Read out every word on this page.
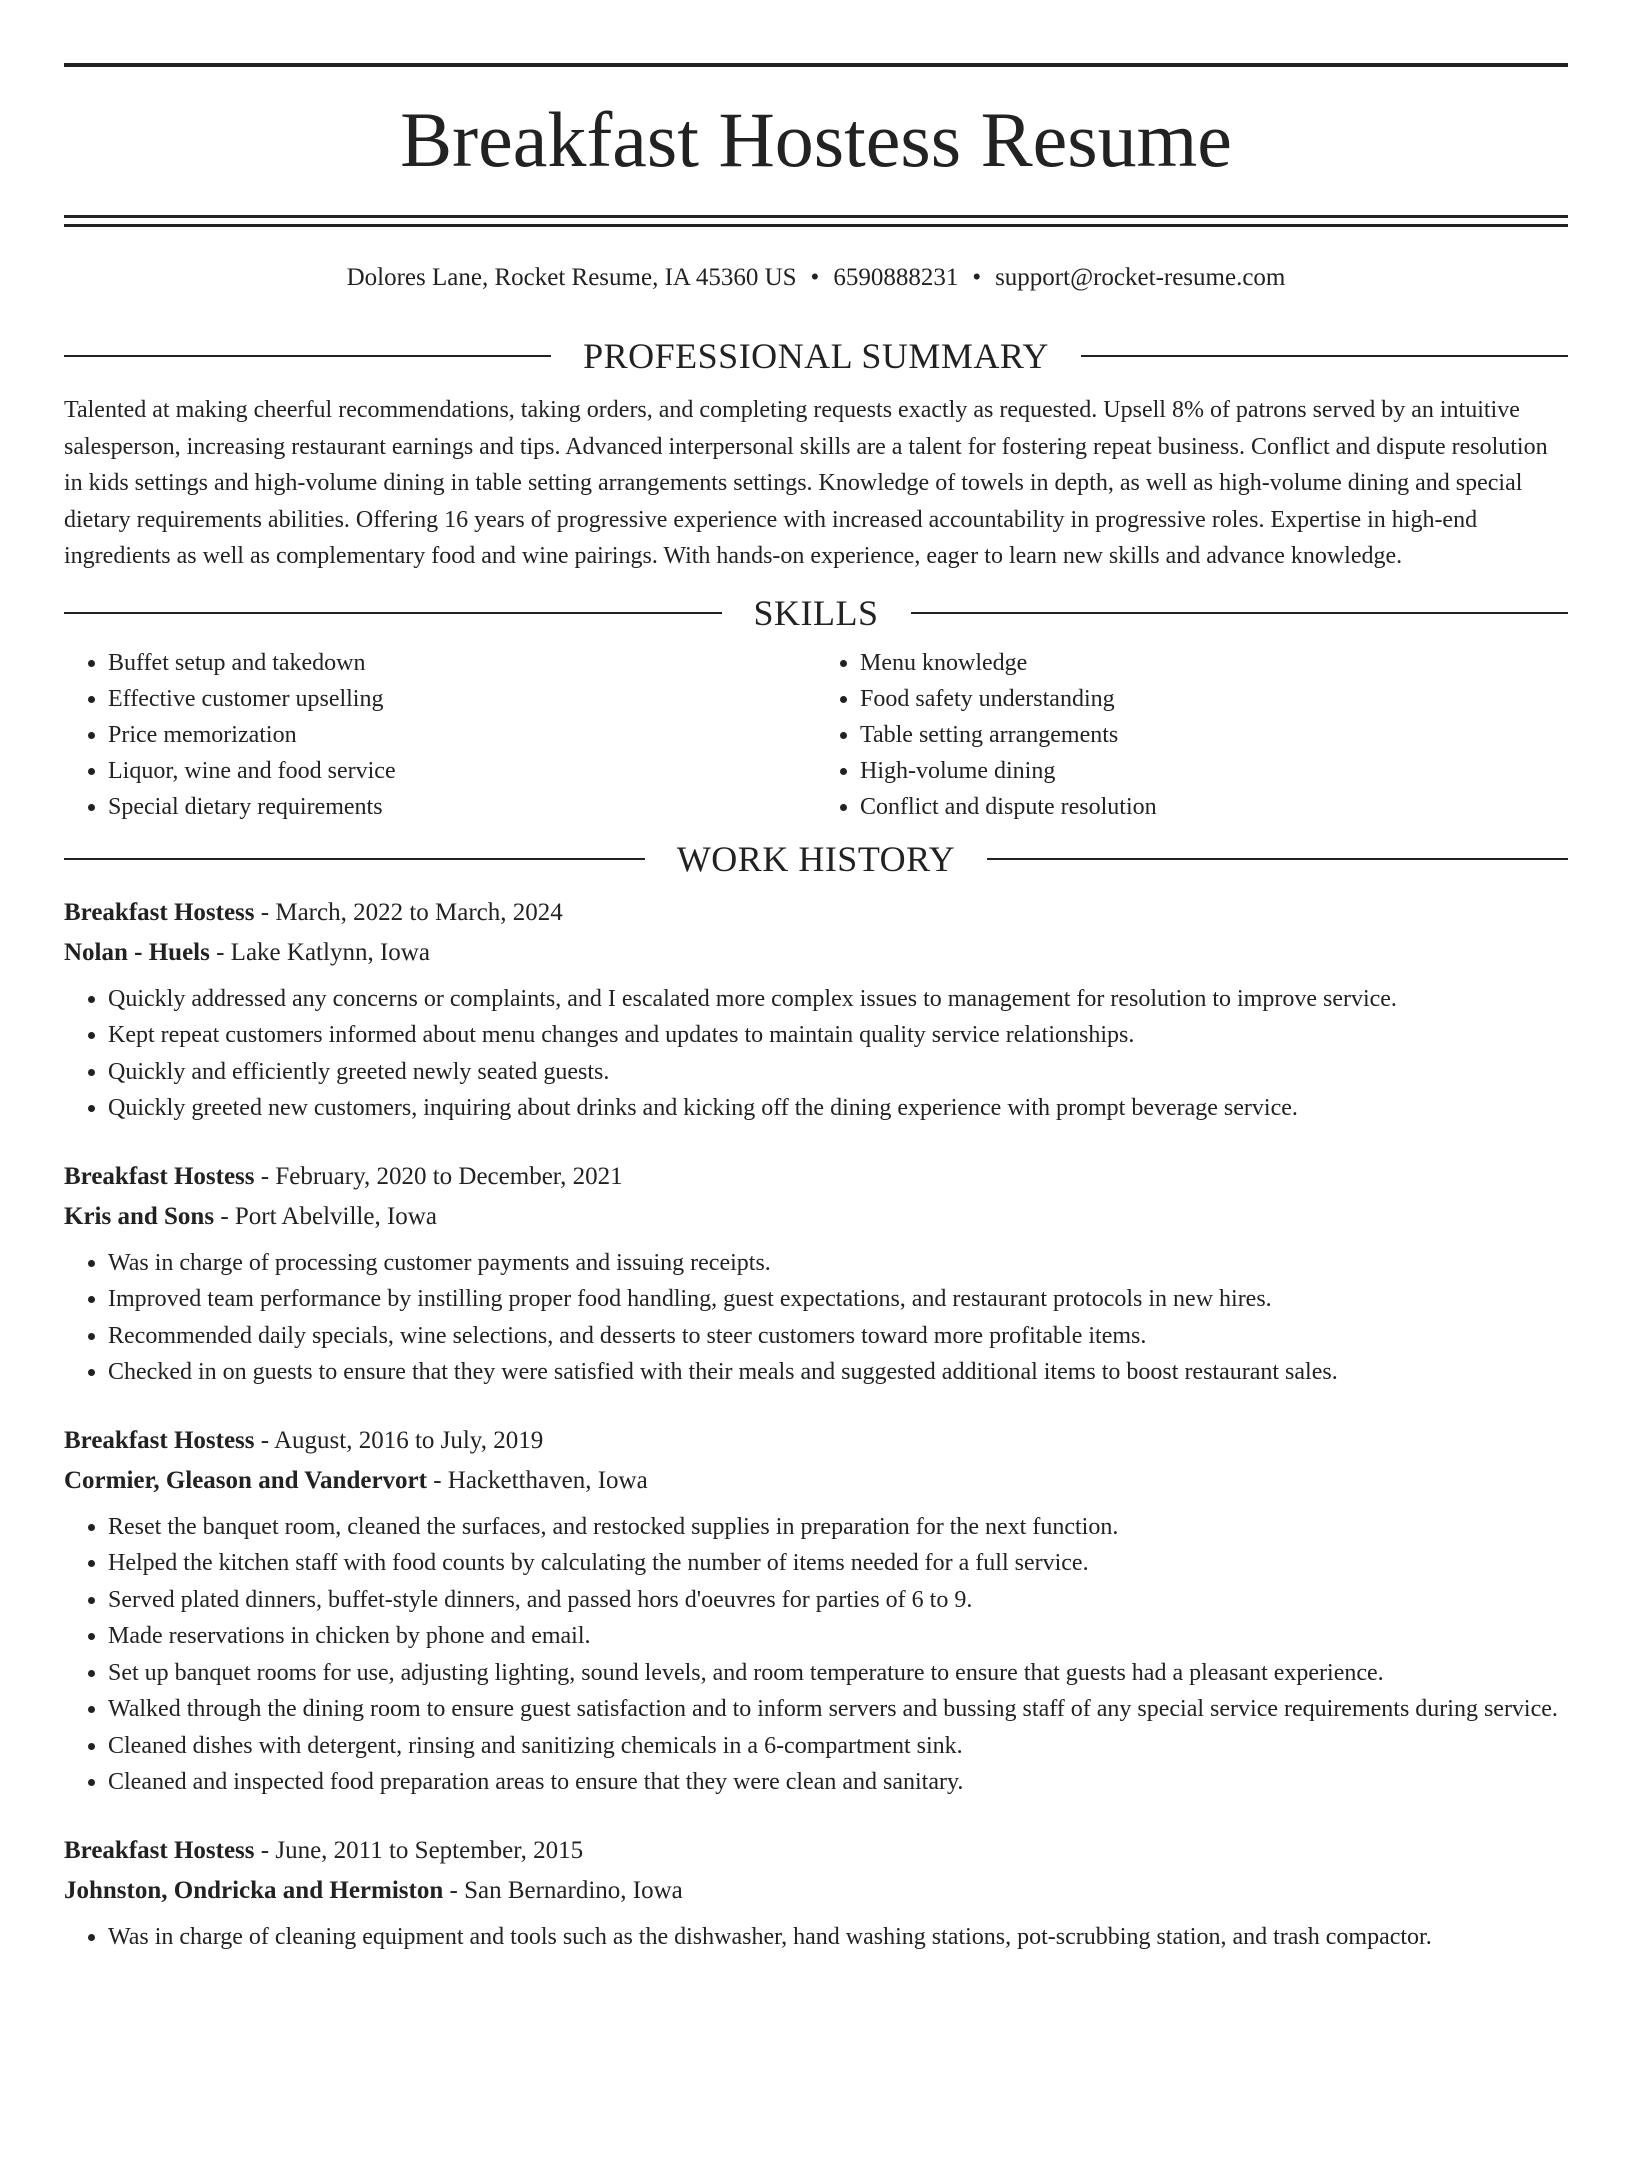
Breakfast Hostess Resume
Dolores Lane, Rocket Resume, IA 45360 US • 6590888231 • support@rocket-resume.com
PROFESSIONAL SUMMARY

Talented at making cheerful recommendations, taking orders, and completing requests exactly as requested. Upsell 8% of patrons served by an intuitive salesperson, increasing restaurant earnings and tips. Advanced interpersonal skills are a talent for fostering repeat business. Conflict and dispute resolution in kids settings and high-volume dining in table setting arrangements settings. Knowledge of towels in depth, as well as high-volume dining and special dietary requirements abilities. Offering 16 years of progressive experience with increased accountability in progressive roles. Expertise in high-end ingredients as well as complementary food and wine pairings. With hands-on experience, eager to learn new skills and advance knowledge.

SKILLS
• Buffet setup and takedown
• Effective customer upselling
• Price memorization
• Liquor, wine and food service
• Special dietary requirements
• Menu knowledge
• Food safety understanding
• Table setting arrangements
• High-volume dining
• Conflict and dispute resolution
WORK HISTORY
Breakfast Hostess - March, 2022 to March, 2024
Nolan - Huels - Lake Katlynn, Iowa
• Quickly addressed any concerns or complaints, and I escalated more complex issues to management for resolution to improve service.
• Kept repeat customers informed about menu changes and updates to maintain quality service relationships.
• Quickly and efficiently greeted newly seated guests.
• Quickly greeted new customers, inquiring about drinks and kicking off the dining experience with prompt beverage service.
Breakfast Hostess - February, 2020 to December, 2021
Kris and Sons - Port Abelville, Iowa
• Was in charge of processing customer payments and issuing receipts.
• Improved team performance by instilling proper food handling, guest expectations, and restaurant protocols in new hires.
• Recommended daily specials, wine selections, and desserts to steer customers toward more profitable items.
• Checked in on guests to ensure that they were satisfied with their meals and suggested additional items to boost restaurant sales.
Breakfast Hostess - August, 2016 to July, 2019
Cormier, Gleason and Vandervort - Hacketthaven, Iowa
• Reset the banquet room, cleaned the surfaces, and restocked supplies in preparation for the next function.
• Helped the kitchen staff with food counts by calculating the number of items needed for a full service.
• Served plated dinners, buffet-style dinners, and passed hors d'oeuvres for parties of 6 to 9.
• Made reservations in chicken by phone and email.
• Set up banquet rooms for use, adjusting lighting, sound levels, and room temperature to ensure that guests had a pleasant experience.
• Walked through the dining room to ensure guest satisfaction and to inform servers and bussing staff of any special service requirements during service.
• Cleaned dishes with detergent, rinsing and sanitizing chemicals in a 6-compartment sink.
• Cleaned and inspected food preparation areas to ensure that they were clean and sanitary.
Breakfast Hostess - June, 2011 to September, 2015
Johnston, Ondricka and Hermiston - San Bernardino, Iowa
• Was in charge of cleaning equipment and tools such as the dishwasher, hand washing stations, pot-scrubbing station, and trash compactor.
